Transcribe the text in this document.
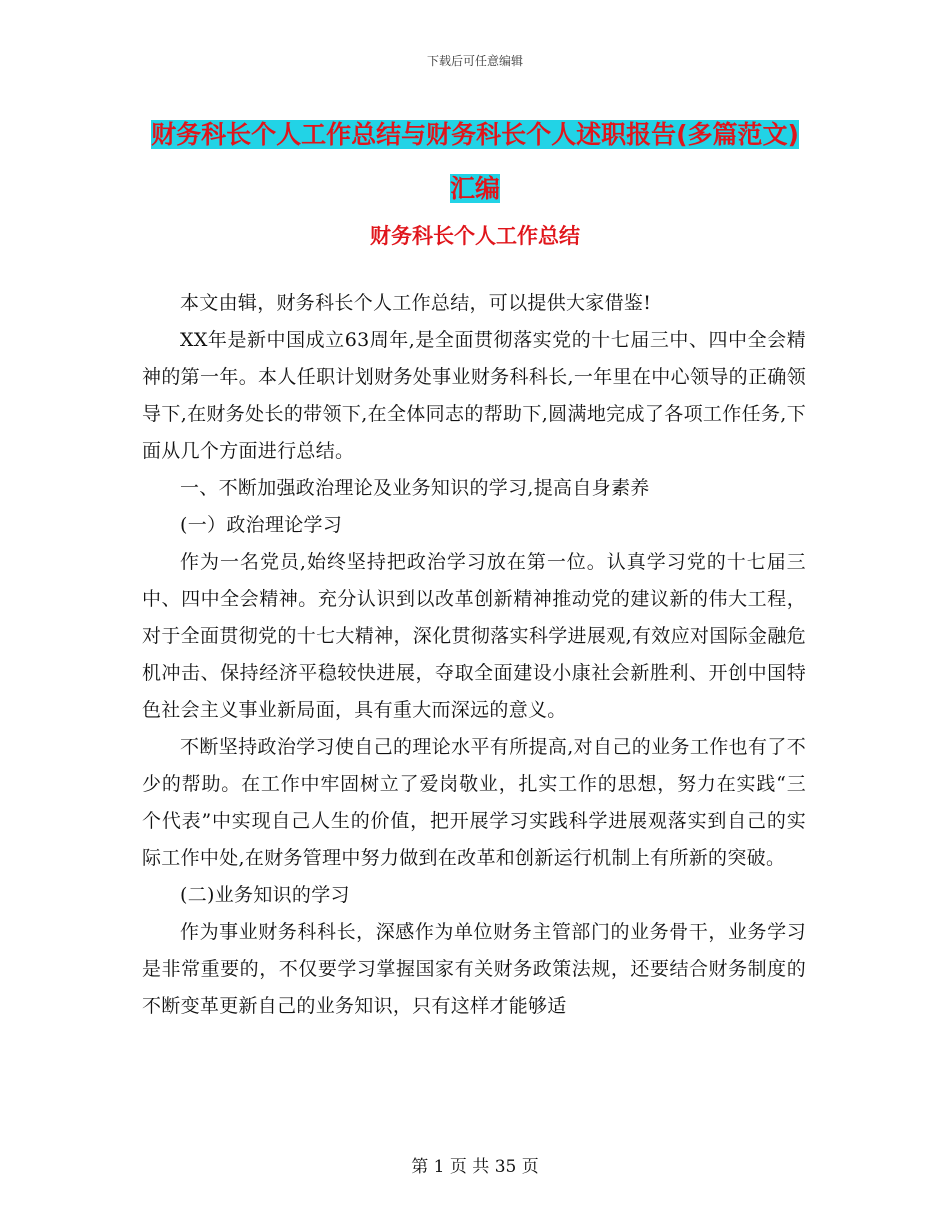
下载后可任意编辑
财务科长个人工作总结与财务科长个人述职报告(多篇范文)汇编
财务科长个人工作总结

本文由辑，财务科长个人工作总结，可以提供大家借鉴!

XX年是新中国成立63周年,是全面贯彻落实党的十七届三中、四中全会精神的第一年。本人任职计划财务处事业财务科科长,一年里在中心领导的正确领导下,在财务处长的带领下,在全体同志的帮助下,圆满地完成了各项工作任务,下面从几个方面进行总结。

一、不断加强政治理论及业务知识的学习,提高自身素养

(一）政治理论学习

作为一名党员,始终坚持把政治学习放在第一位。认真学习党的十七届三中、四中全会精神。充分认识到以改革创新精神推动党的建议新的伟大工程，对于全面贯彻党的十七大精神，深化贯彻落实科学进展观,有效应对国际金融危机冲击、保持经济平稳较快进展，夺取全面建设小康社会新胜利、开创中国特色社会主义事业新局面，具有重大而深远的意义。

不断坚持政治学习使自己的理论水平有所提高,对自己的业务工作也有了不少的帮助。在工作中牢固树立了爱岗敬业，扎实工作的思想，努力在实践“三个代表”中实现自己人生的价值，把开展学习实践科学进展观落实到自己的实际工作中处,在财务管理中努力做到在改革和创新运行机制上有所新的突破。

(二)业务知识的学习

作为事业财务科科长，深感作为单位财务主管部门的业务骨干，业务学习是非常重要的，不仅要学习掌握国家有关财务政策法规，还要结合财务制度的不断变革更新自己的业务知识，只有这样才能够适

第 1 页 共 35 页
